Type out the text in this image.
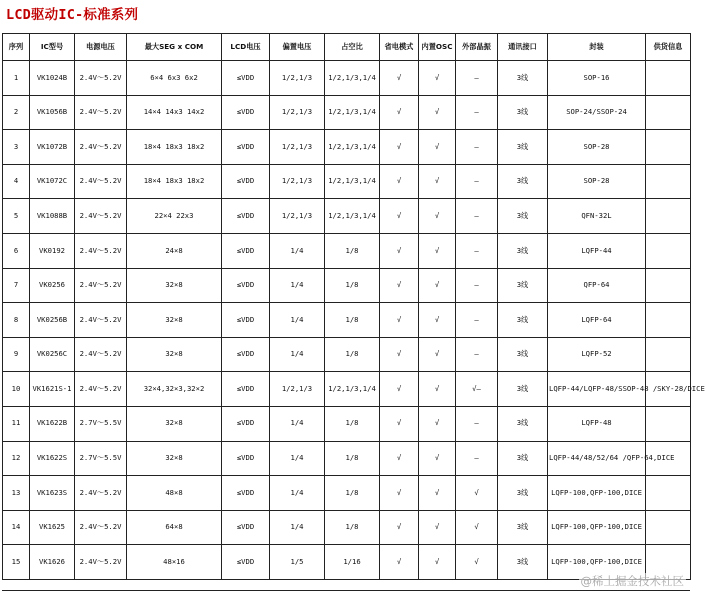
LCD驱动IC-标准系列
序列	IC型号	电源电压	最大SEG x COM	LCD电压	偏置电压	占空比	省电模式	内置OSC	外部晶振	通讯接口	封装	供货信息
1	VK1024B	2.4V～5.2V	6×4 6x3 6x2	≤VDD	1/2,1/3	1/2,1/3,1/4	√	√	—	3线	SOP-16	
2	VK1056B	2.4V～5.2V	14×4 14x3 14x2	≤VDD	1/2,1/3	1/2,1/3,1/4	√	√	—	3线	SOP-24/SSOP-24	
3	VK1072B	2.4V～5.2V	18×4 18x3 18x2	≤VDD	1/2,1/3	1/2,1/3,1/4	√	√	—	3线	SOP-28	
4	VK1072C	2.4V～5.2V	18×4 18x3 18x2	≤VDD	1/2,1/3	1/2,1/3,1/4	√	√	—	3线	SOP-28	
5	VK1088B	2.4V～5.2V	22×4 22x3	≤VDD	1/2,1/3	1/2,1/3,1/4	√	√	—	3线	QFN-32L	
6	VK0192	2.4V～5.2V	24×8	≤VDD	1/4	1/8	√	√	—	3线	LQFP-44	
7	VK0256	2.4V～5.2V	32×8	≤VDD	1/4	1/8	√	√	—	3线	QFP-64	
8	VK0256B	2.4V～5.2V	32×8	≤VDD	1/4	1/8	√	√	—	3线	LQFP-64	
9	VK0256C	2.4V～5.2V	32×8	≤VDD	1/4	1/8	√	√	—	3线	LQFP-52	
10	VK1621S-1	2.4V～5.2V	32×4,32×3,32×2	≤VDD	1/2,1/3	1/2,1/3,1/4	√	√	√—	3线	LQFP-44/LQFP-48/SSOP-48 /SKY-28/DICE	
11	VK1622B	2.7V～5.5V	32×8	≤VDD	1/4	1/8	√	√	—	3线	LQFP-48	
12	VK1622S	2.7V～5.5V	32×8	≤VDD	1/4	1/8	√	√	—	3线	LQFP-44/48/52/64 /QFP-64,DICE	
13	VK1623S	2.4V～5.2V	48×8	≤VDD	1/4	1/8	√	√	√	3线	LQFP-100,QFP-100,DICE	
14	VK1625	2.4V～5.2V	64×8	≤VDD	1/4	1/8	√	√	√	3线	LQFP-100,QFP-100,DICE	
15	VK1626	2.4V～5.2V	48×16	≤VDD	1/5	1/16	√	√	√	3线	LQFP-100,QFP-100,DICE	
@稀土掘金技术社区
